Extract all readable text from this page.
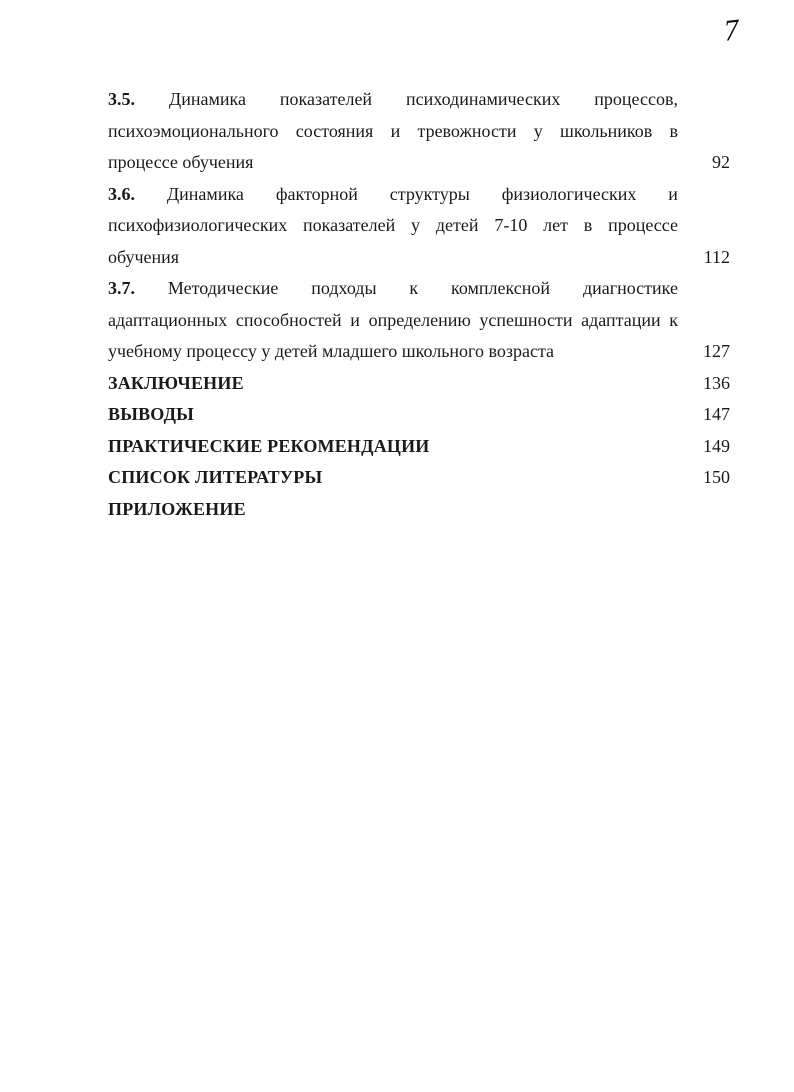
7
3.5. Динамика показателей психодинамических процессов,
психоэмоционального состояния и тревожности у школьников в
процессе обучения	92
3.6. Динамика факторной структуры физиологических и
психофизиологических показателей у детей 7-10 лет в процессе
обучения	112
3.7. Методические подходы к комплексной диагностике
адаптационных способностей и определению успешности адаптации к
учебному процессу у детей младшего школьного возраста	127
ЗАКЛЮЧЕНИЕ	136
ВЫВОДЫ	147
ПРАКТИЧЕСКИЕ РЕКОМЕНДАЦИИ	149
СПИСОК ЛИТЕРАТУРЫ	150
ПРИЛОЖЕНИЕ
